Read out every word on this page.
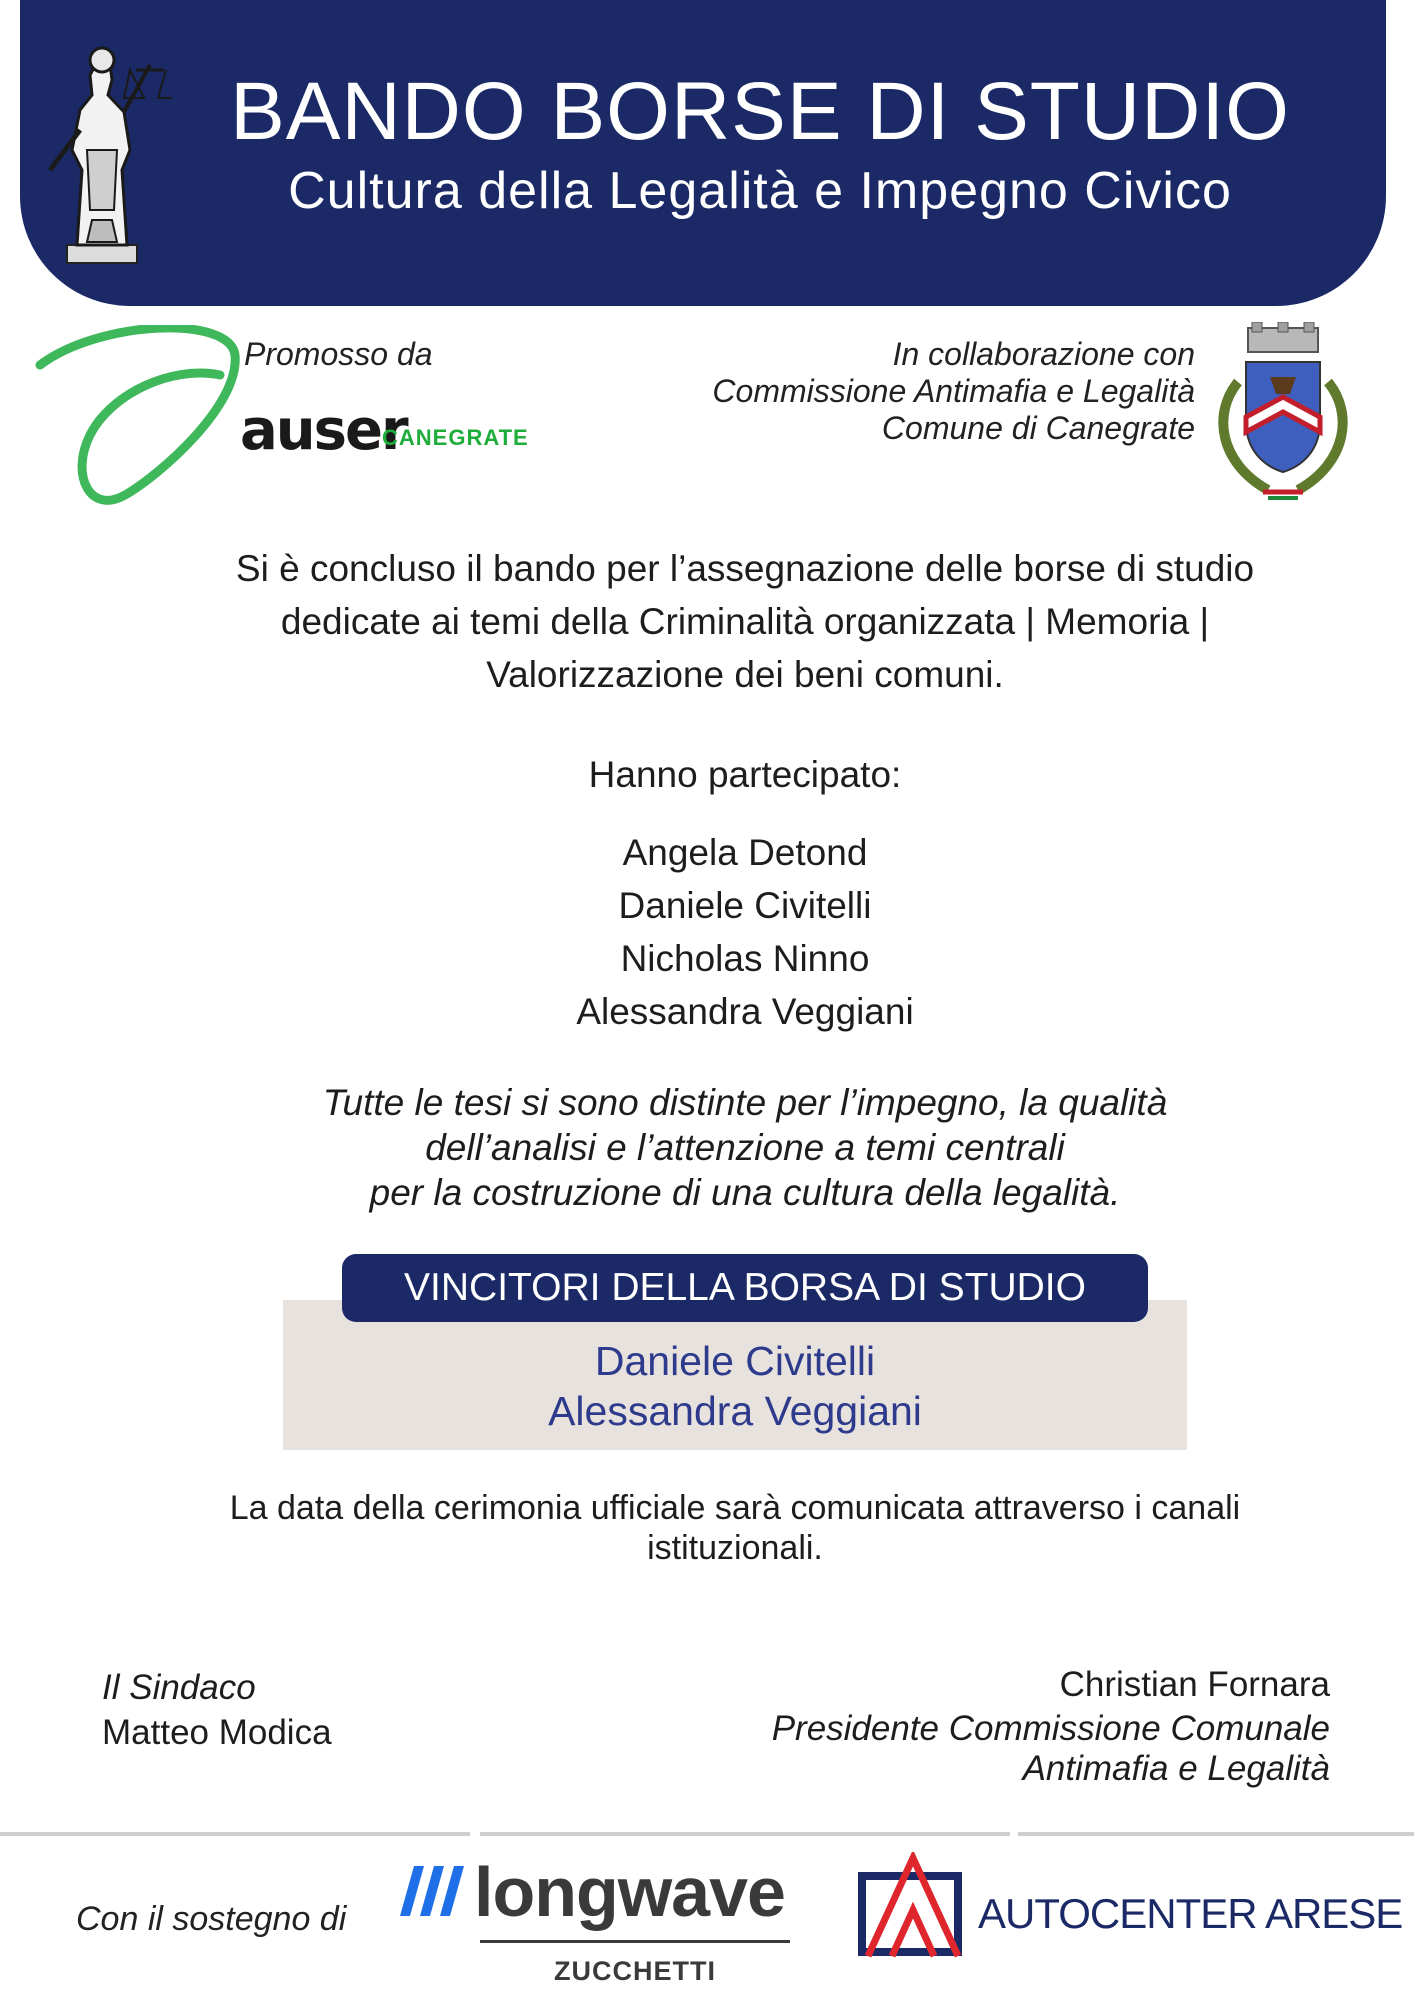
BANDO BORSE DI STUDIO
Cultura della Legalità e Impegno Civico
Promosso da
auser
CANEGRATE
In collaborazione con
Commissione Antimafia e Legalità
Comune di Canegrate
Si è concluso il bando per l’assegnazione delle borse di studio
dedicate ai temi della Criminalità organizzata | Memoria |
Valorizzazione dei beni comuni.
Hanno partecipato:
Angela Detond
Daniele Civitelli
Nicholas Ninno
Alessandra Veggiani
Tutte le tesi si sono distinte per l’impegno, la qualità
dell’analisi e l’attenzione a temi centrali
per la costruzione di una cultura della legalità.
VINCITORI DELLA BORSA DI STUDIO
Daniele Civitelli
Alessandra Veggiani
La data della cerimonia ufficiale sarà comunicata attraverso i canali
istituzionali.
Il Sindaco
Matteo Modica
Christian Fornara
Presidente Commissione Comunale
Antimafia e Legalità
Con il sostegno di longwave
ZUCCHETTI
AUTOCENTER ARESE
